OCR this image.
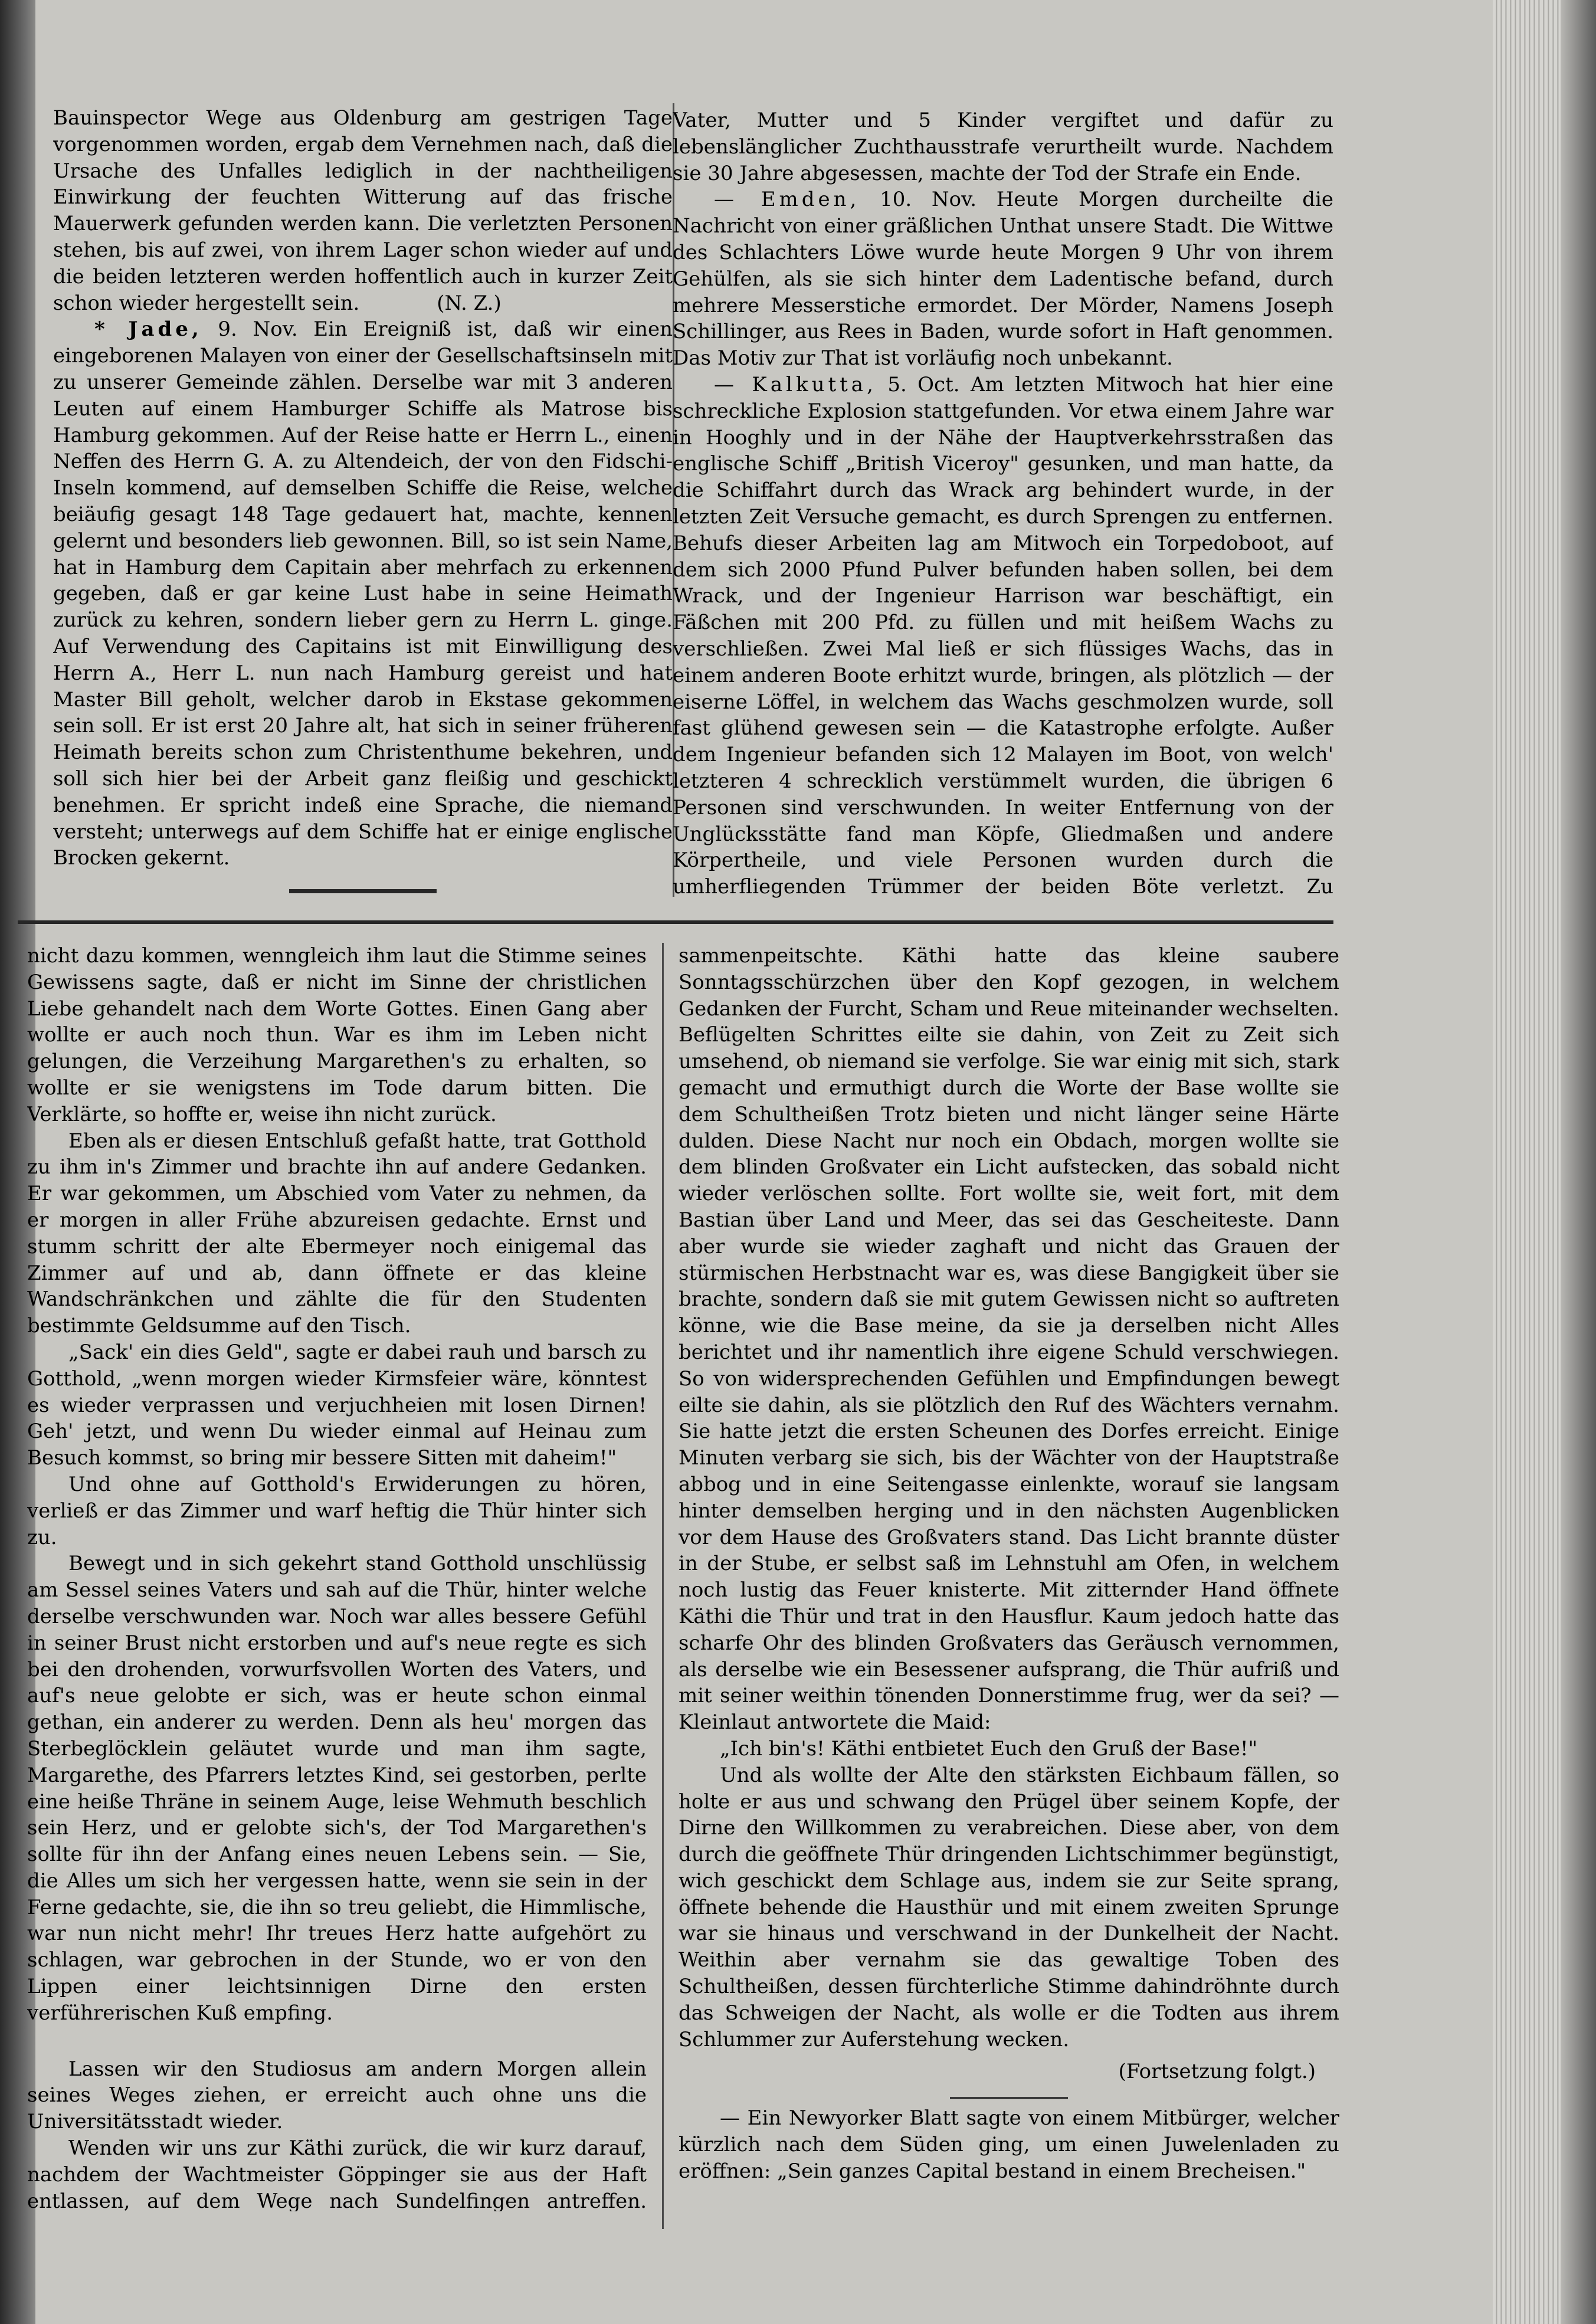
Bauinspector Wege aus Oldenburg am gestrigen Tage vorgenommen worden, ergab dem Vernehmen nach, daß die Ursache des Unfalles lediglich in der nachtheiligen Einwirkung der feuchten Witterung auf das frische Mauerwerk gefunden werden kann. Die verletzten Personen stehen, bis auf zwei, von ihrem Lager schon wieder auf und die beiden letzteren werden hoffentlich auch in kurzer Zeit schon wieder hergestellt sein.	(N. Z.)

* Jade, 9. Nov. Ein Ereigniß ist, daß wir einen eingeborenen Malayen von einer der Gesellschaftsinseln mit zu unserer Gemeinde zählen. Derselbe war mit 3 anderen Leuten auf einem Hamburger Schiffe als Matrose bis Hamburg gekommen. Auf der Reise hatte er Herrn L., einen Neffen des Herrn G. A. zu Altendeich, der von den Fidschi-Inseln kommend, auf demselben Schiffe die Reise, welche beiäufig gesagt 148 Tage gedauert hat, machte, kennen gelernt und besonders lieb gewonnen. Bill, so ist sein Name, hat in Hamburg dem Capitain aber mehrfach zu erkennen gegeben, daß er gar keine Lust habe in seine Heimath zurück zu kehren, sondern lieber gern zu Herrn L. ginge. Auf Verwendung des Capitains ist mit Einwilligung des Herrn A., Herr L. nun nach Hamburg gereist und hat Master Bill geholt, welcher darob in Ekstase gekommen sein soll. Er ist erst 20 Jahre alt, hat sich in seiner früheren Heimath bereits schon zum Christenthume bekehren, und soll sich hier bei der Arbeit ganz fleißig und geschickt benehmen. Er spricht indeß eine Sprache, die niemand versteht; unterwegs auf dem Schiffe hat er einige englische Brocken gekernt.

Vater, Mutter und 5 Kinder vergiftet und dafür zu lebenslänglicher Zuchthausstrafe verurtheilt wurde. Nachdem sie 30 Jahre abgesessen, machte der Tod der Strafe ein Ende.

— Emden, 10. Nov. Heute Morgen durcheilte die Nachricht von einer gräßlichen Unthat unsere Stadt. Die Wittwe des Schlachters Löwe wurde heute Morgen 9 Uhr von ihrem Gehülfen, als sie sich hinter dem Ladentische befand, durch mehrere Messerstiche ermordet. Der Mörder, Namens Joseph Schillinger, aus Rees in Baden, wurde sofort in Haft genommen. Das Motiv zur That ist vorläufig noch unbekannt.

— Kalkutta, 5. Oct. Am letzten Mitwoch hat hier eine schreckliche Explosion stattgefunden. Vor etwa einem Jahre war in Hooghly und in der Nähe der Hauptverkehrsstraßen das englische Schiff „British Viceroy" gesunken, und man hatte, da die Schiffahrt durch das Wrack arg behindert wurde, in der letzten Zeit Versuche gemacht, es durch Sprengen zu entfernen. Behufs dieser Arbeiten lag am Mitwoch ein Torpedoboot, auf dem sich 2000 Pfund Pulver befunden haben sollen, bei dem Wrack, und der Ingenieur Harrison war beschäftigt, ein Fäßchen mit 200 Pfd. zu füllen und mit heißem Wachs zu verschließen. Zwei Mal ließ er sich flüssiges Wachs, das in einem anderen Boote erhitzt wurde, bringen, als plötzlich — der eiserne Löffel, in welchem das Wachs geschmolzen wurde, soll fast glühend gewesen sein — die Katastrophe erfolgte. Außer dem Ingenieur befanden sich 12 Malayen im Boot, von welch' letzteren 4 schrecklich verstümmelt wurden, die übrigen 6 Personen sind verschwunden. In weiter Entfernung von der Unglücksstätte fand man Köpfe, Gliedmaßen und andere Körpertheile, und viele Personen wurden durch die umherfliegenden Trümmer der beiden Böte verletzt. Zu

nicht dazu kommen, wenngleich ihm laut die Stimme seines Gewissens sagte, daß er nicht im Sinne der christlichen Liebe gehandelt nach dem Worte Gottes. Einen Gang aber wollte er auch noch thun. War es ihm im Leben nicht gelungen, die Verzeihung Margarethen's zu erhalten, so wollte er sie wenigstens im Tode darum bitten. Die Verklärte, so hoffte er, weise ihn nicht zurück.

Eben als er diesen Entschluß gefaßt hatte, trat Gotthold zu ihm in's Zimmer und brachte ihn auf andere Gedanken. Er war gekommen, um Abschied vom Vater zu nehmen, da er morgen in aller Frühe abzureisen gedachte. Ernst und stumm schritt der alte Ebermeyer noch einigemal das Zimmer auf und ab, dann öffnete er das kleine Wandschränkchen und zählte die für den Studenten bestimmte Geldsumme auf den Tisch.

„Sack' ein dies Geld", sagte er dabei rauh und barsch zu Gotthold, „wenn morgen wieder Kirmsfeier wäre, könntest es wieder verprassen und verjuchheien mit losen Dirnen! Geh' jetzt, und wenn Du wieder einmal auf Heinau zum Besuch kommst, so bring mir bessere Sitten mit daheim!"

Und ohne auf Gotthold's Erwiderungen zu hören, verließ er das Zimmer und warf heftig die Thür hinter sich zu.

Bewegt und in sich gekehrt stand Gotthold unschlüssig am Sessel seines Vaters und sah auf die Thür, hinter welche derselbe verschwunden war. Noch war alles bessere Gefühl in seiner Brust nicht erstorben und auf's neue regte es sich bei den drohenden, vorwurfsvollen Worten des Vaters, und auf's neue gelobte er sich, was er heute schon einmal gethan, ein anderer zu werden. Denn als heu' morgen das Sterbeglöcklein geläutet wurde und man ihm sagte, Margarethe, des Pfarrers letztes Kind, sei gestorben, perlte eine heiße Thräne in seinem Auge, leise Wehmuth beschlich sein Herz, und er gelobte sich's, der Tod Margarethen's sollte für ihn der Anfang eines neuen Lebens sein. — Sie, die Alles um sich her vergessen hatte, wenn sie sein in der Ferne gedachte, sie, die ihn so treu geliebt, die Himmlische, war nun nicht mehr! Ihr treues Herz hatte aufgehört zu schlagen, war gebrochen in der Stunde, wo er von den Lippen einer leichtsinnigen Dirne den ersten verführerischen Kuß empfing.

Lassen wir den Studiosus am andern Morgen allein seines Weges ziehen, er erreicht auch ohne uns die Universitätsstadt wieder.

Wenden wir uns zur Käthi zurück, die wir kurz darauf, nachdem der Wachtmeister Göppinger sie aus der Haft entlassen, auf dem Wege nach Sundelfingen antreffen.

sammenpeitschte. Käthi hatte das kleine saubere Sonntagsschürzchen über den Kopf gezogen, in welchem Gedanken der Furcht, Scham und Reue miteinander wechselten. Beflügelten Schrittes eilte sie dahin, von Zeit zu Zeit sich umsehend, ob niemand sie verfolge. Sie war einig mit sich, stark gemacht und ermuthigt durch die Worte der Base wollte sie dem Schultheißen Trotz bieten und nicht länger seine Härte dulden. Diese Nacht nur noch ein Obdach, morgen wollte sie dem blinden Großvater ein Licht aufstecken, das sobald nicht wieder verlöschen sollte. Fort wollte sie, weit fort, mit dem Bastian über Land und Meer, das sei das Gescheiteste. Dann aber wurde sie wieder zaghaft und nicht das Grauen der stürmischen Herbstnacht war es, was diese Bangigkeit über sie brachte, sondern daß sie mit gutem Gewissen nicht so auftreten könne, wie die Base meine, da sie ja derselben nicht Alles berichtet und ihr namentlich ihre eigene Schuld verschwiegen. So von widersprechenden Gefühlen und Empfindungen bewegt eilte sie dahin, als sie plötzlich den Ruf des Wächters vernahm. Sie hatte jetzt die ersten Scheunen des Dorfes erreicht. Einige Minuten verbarg sie sich, bis der Wächter von der Hauptstraße abbog und in eine Seitengasse einlenkte, worauf sie langsam hinter demselben herging und in den nächsten Augenblicken vor dem Hause des Großvaters stand. Das Licht brannte düster in der Stube, er selbst saß im Lehnstuhl am Ofen, in welchem noch lustig das Feuer knisterte. Mit zitternder Hand öffnete Käthi die Thür und trat in den Hausflur. Kaum jedoch hatte das scharfe Ohr des blinden Großvaters das Geräusch vernommen, als derselbe wie ein Besessener aufsprang, die Thür aufriß und mit seiner weithin tönenden Donnerstimme frug, wer da sei? — Kleinlaut antwortete die Maid:

„Ich bin's! Käthi entbietet Euch den Gruß der Base!"

Und als wollte der Alte den stärksten Eichbaum fällen, so holte er aus und schwang den Prügel über seinem Kopfe, der Dirne den Willkommen zu verabreichen. Diese aber, von dem durch die geöffnete Thür dringenden Lichtschimmer begünstigt, wich geschickt dem Schlage aus, indem sie zur Seite sprang, öffnete behende die Hausthür und mit einem zweiten Sprunge war sie hinaus und verschwand in der Dunkelheit der Nacht. Weithin aber vernahm sie das gewaltige Toben des Schultheißen, dessen fürchterliche Stimme dahindröhnte durch das Schweigen der Nacht, als wolle er die Todten aus ihrem Schlummer zur Auferstehung wecken.

(Fortsetzung folgt.)

— Ein Newyorker Blatt sagte von einem Mitbürger, welcher kürzlich nach dem Süden ging, um einen Juwelenladen zu eröffnen: „Sein ganzes Capital bestand in einem Brecheisen."
